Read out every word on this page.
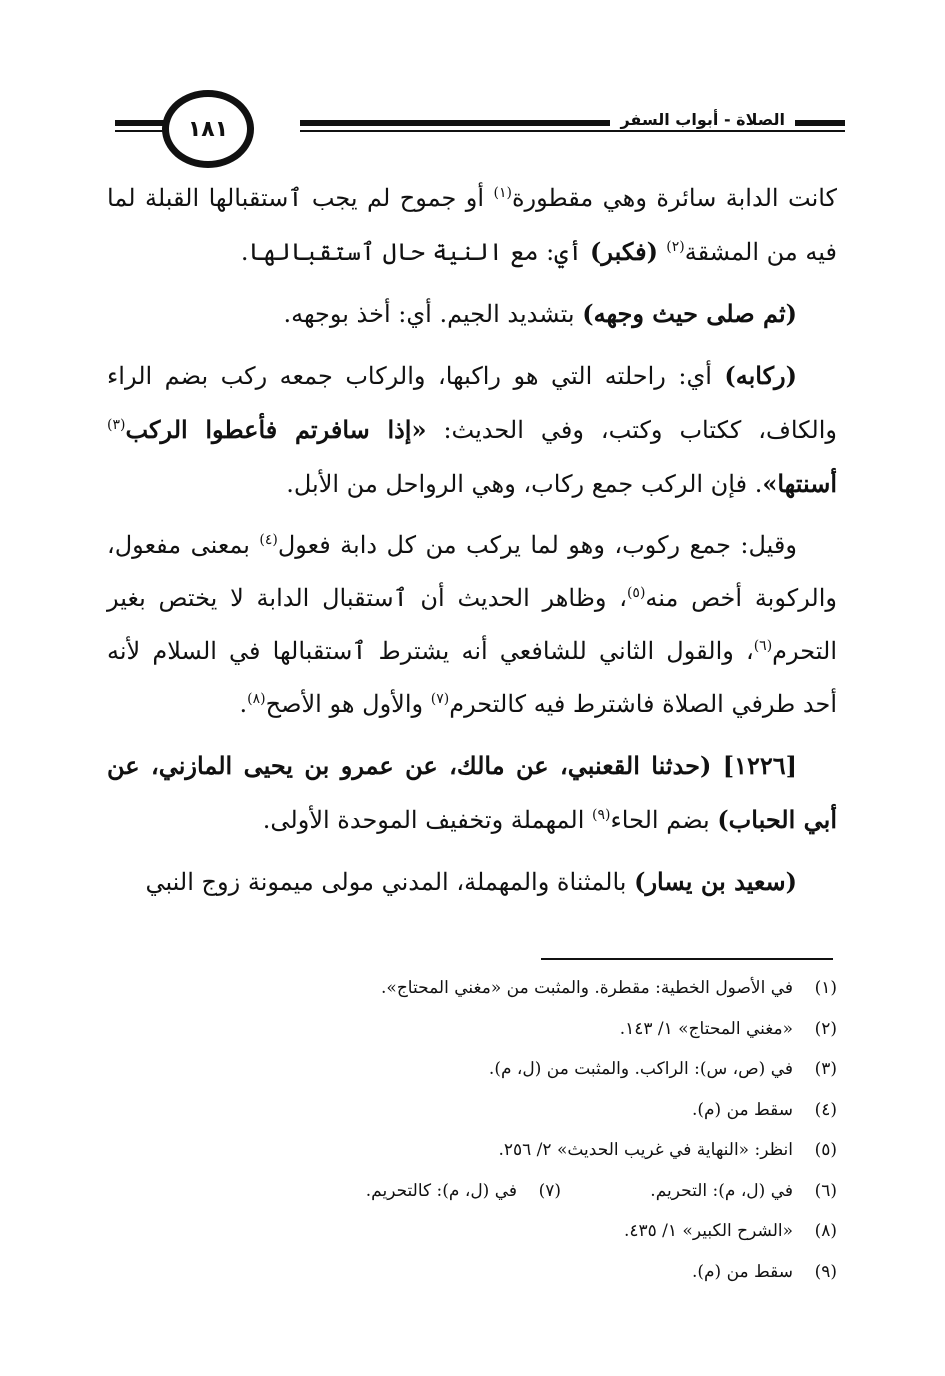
الصلاة - أبواب السفر
١٨١

كانت الدابة سائرة وهي مقطورة$^{(١)}$ أو جموح لم يجب ٱستقبالها القبلة لما فيه من المشقة$^{(٢)}$ (فكبر) أي: مع النية حال ٱستقبالها.

(ثم صلى حيث وجهه) بتشديد الجيم. أي: أخذ بوجهه.

(ركابه) أي: راحلته التي هو راكبها، والركاب جمعه ركب بضم الراء والكاف، ككتاب وكتب، وفي الحديث: «إذا سافرتم فأعطوا الركب$^{(٣)}$ أسنتها». فإن الركب جمع ركاب، وهي الرواحل من الأبل.

وقيل: جمع ركوب، وهو لما يركب من كل دابة فعول$^{(٤)}$ بمعنى مفعول، والركوبة أخص منه$^{(٥)}$، وظاهر الحديث أن ٱستقبال الدابة لا يختص بغير التحرم$^{(٦)}$، والقول الثاني للشافعي أنه يشترط ٱستقبالها في السلام لأنه أحد طرفي الصلاة فاشترط فيه كالتحرم$^{(٧)}$ والأول هو الأصح$^{(٨)}$.

[١٢٢٦] (حدثنا القعنبي، عن مالك، عن عمرو بن يحيى المازني، عن أبي الحباب) بضم الحاء$^{(٩)}$ المهملة وتخفيف الموحدة الأولى.

(سعيد بن يسار) بالمثناة والمهملة، المدني مولى ميمونة زوج النبي

(١)
في الأصول الخطية: مقطرة. والمثبت من «مغني المحتاج».
(٢)
«مغني المحتاج» ١/ ١٤٣.
(٣)
في (ص، س): الراكب. والمثبت من (ل، م).
(٤)
سقط من (م).
(٥)
انظر: «النهاية في غريب الحديث» ٢/ ٢٥٦.
(٦)
في (ل، م): التحريم.
(٧)
في (ل، م): كالتحريم.
(٨)
«الشرح الكبير» ١/ ٤٣٥.
(٩)
سقط من (م).
